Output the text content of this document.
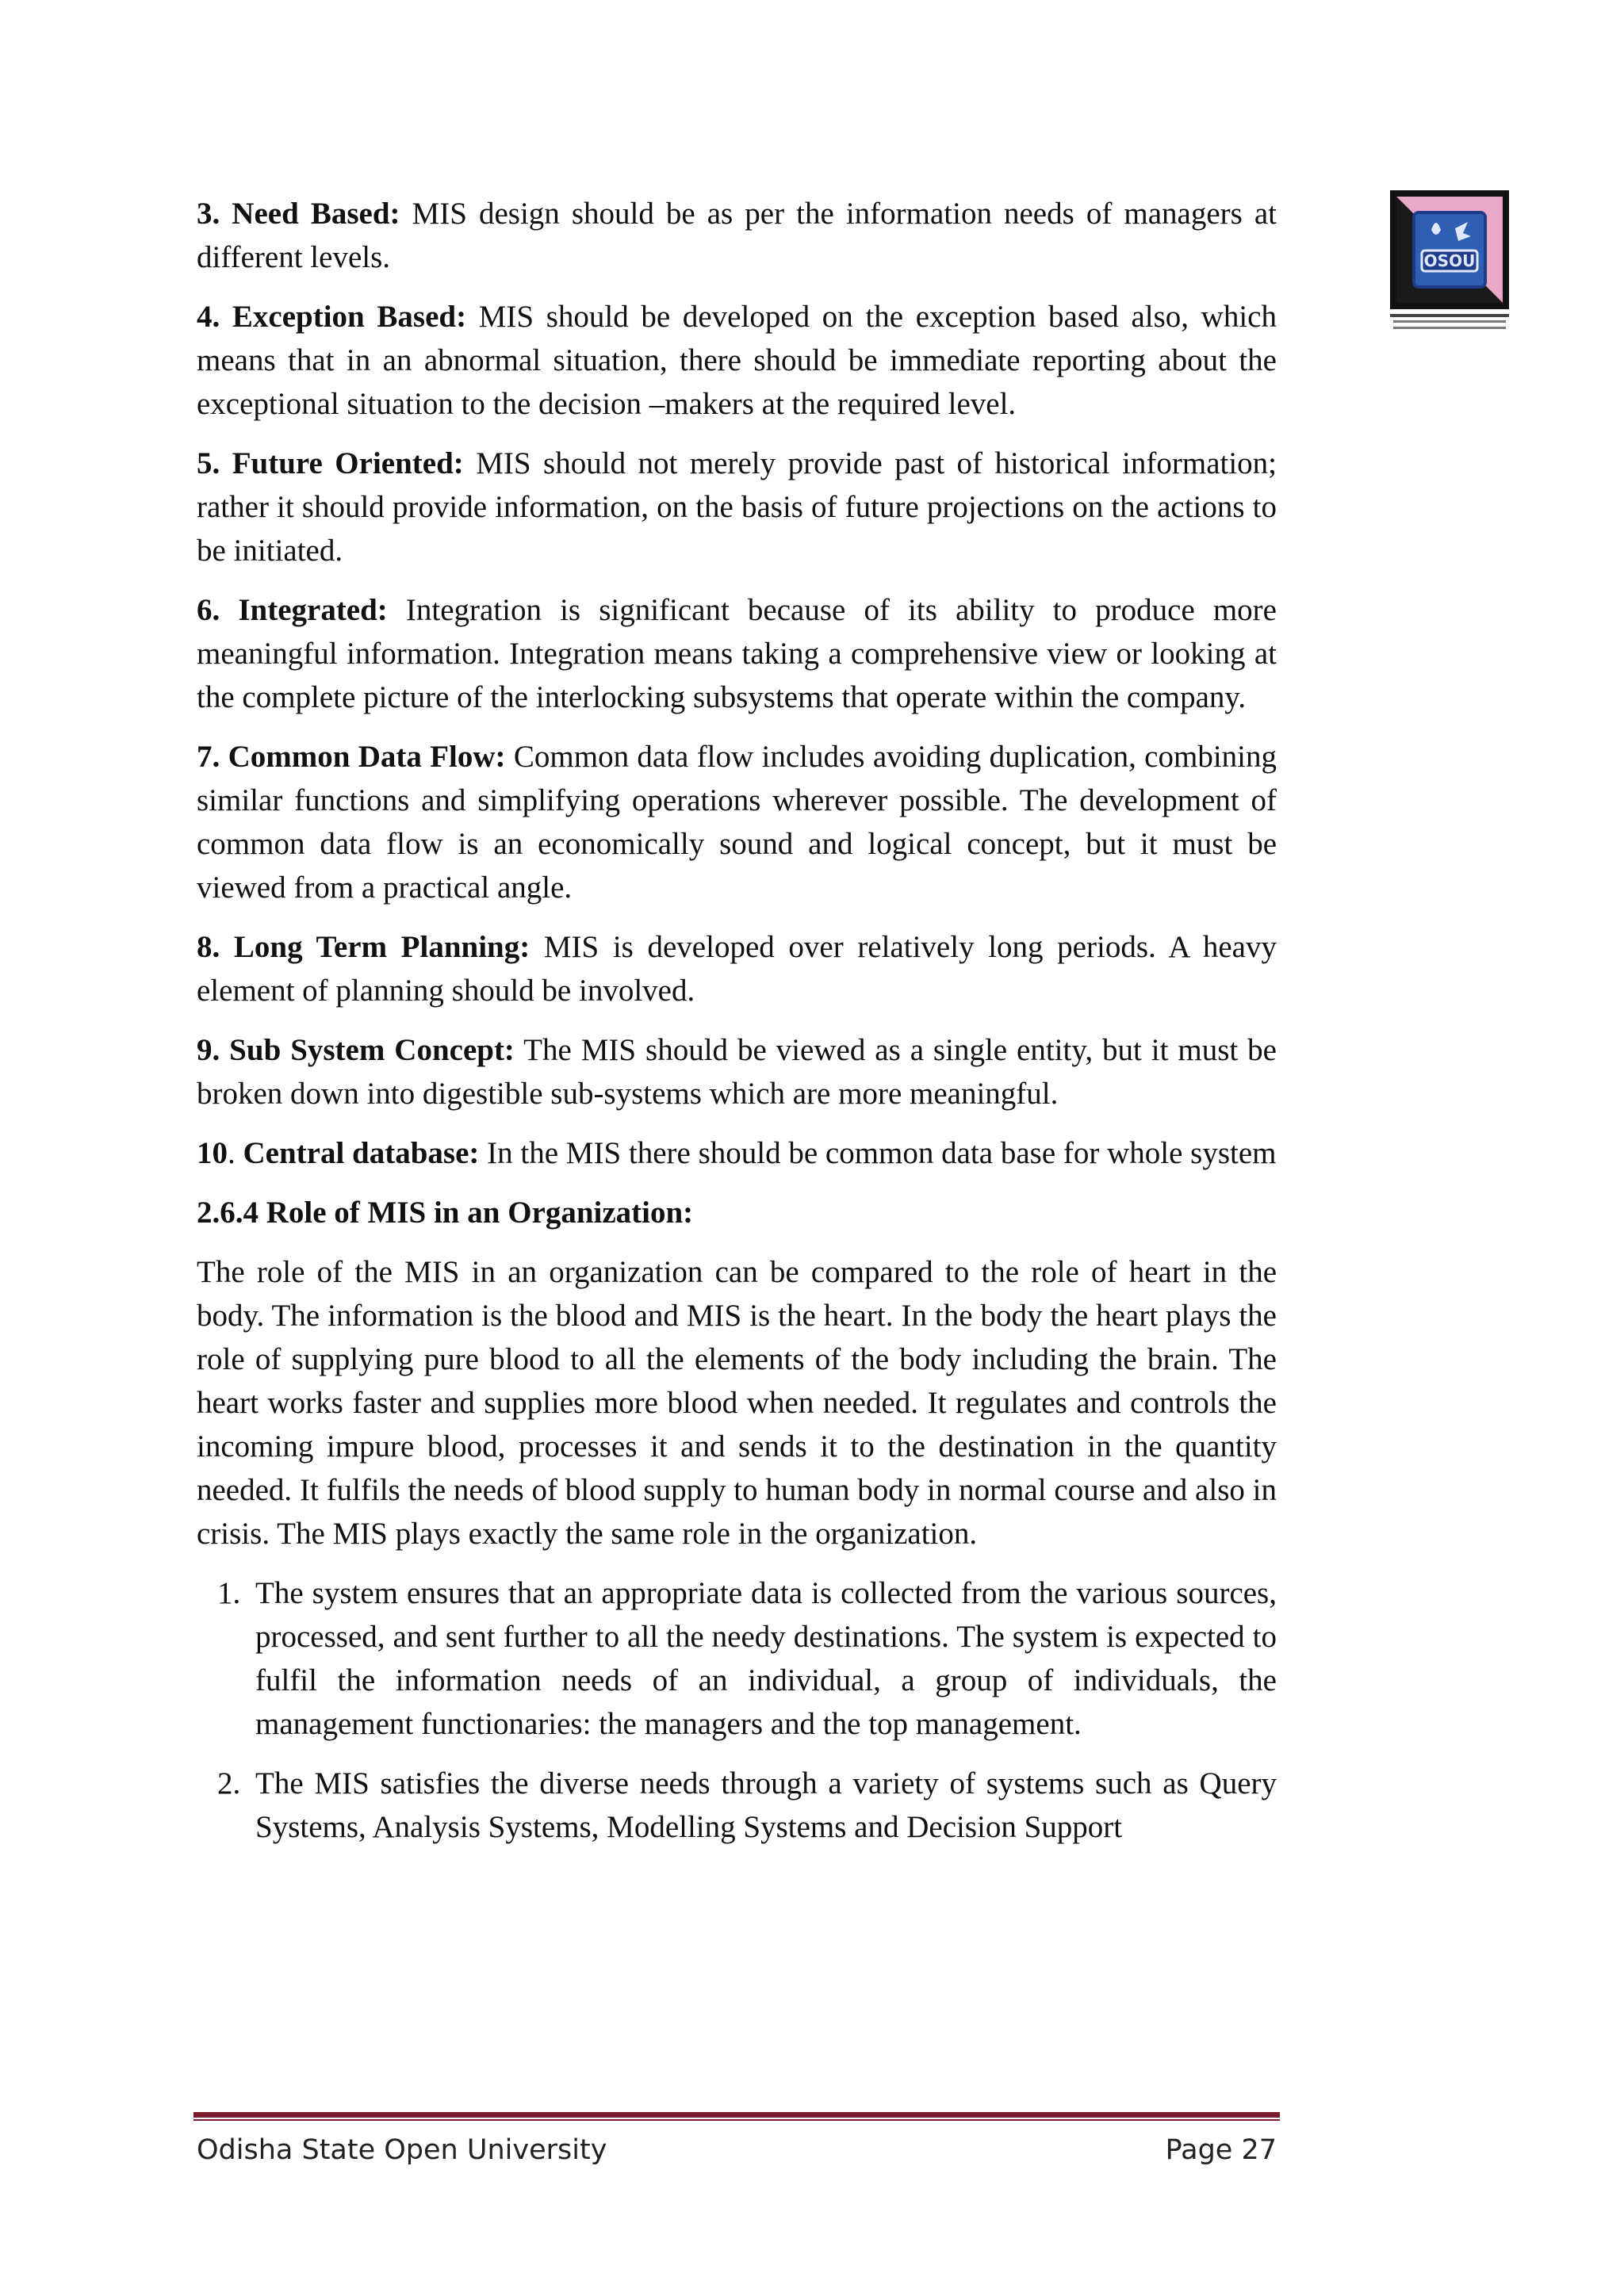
OSOU

3. Need Based: MIS design should be as per the information needs of managers at different levels.

4. Exception Based: MIS should be developed on the exception based also, which means that in an abnormal situation, there should be immediate reporting about the exceptional situation to the decision –makers at the required level.

5. Future Oriented: MIS should not merely provide past of historical information; rather it should provide information, on the basis of future projections on the actions to be initiated.

6. Integrated: Integration is significant because of its ability to produce more meaningful information. Integration means taking a comprehensive view or looking at the complete picture of the interlocking subsystems that operate within the company.

7. Common Data Flow: Common data flow includes avoiding duplication, combining similar functions and simplifying operations wherever possible. The development of common data flow is an economically sound and logical concept, but it must be viewed from a practical angle.

8. Long Term Planning: MIS is developed over relatively long periods. A heavy element of planning should be involved.

9. Sub System Concept: The MIS should be viewed as a single entity, but it must be broken down into digestible sub-systems which are more meaningful.

10. Central database: In the MIS there should be common data base for whole system

2.6.4 Role of MIS in an Organization:

The role of the MIS in an organization can be compared to the role of heart in the body. The information is the blood and MIS is the heart. In the body the heart plays the role of supplying pure blood to all the elements of the body including the brain. The heart works faster and supplies more blood when needed. It regulates and controls the incoming impure blood, processes it and sends it to the destination in the quantity needed. It fulfils the needs of blood supply to human body in normal course and also in crisis. The MIS plays exactly the same role in the organization.

1. The system ensures that an appropriate data is collected from the various sources, processed, and sent further to all the needy destinations. The system is expected to fulfil the information needs of an individual, a group of individuals, the management functionaries: the managers and the top management.
2. The MIS satisfies the diverse needs through a variety of systems such as Query Systems, Analysis Systems, Modelling Systems and Decision Support
Odisha State Open University	Page 27
